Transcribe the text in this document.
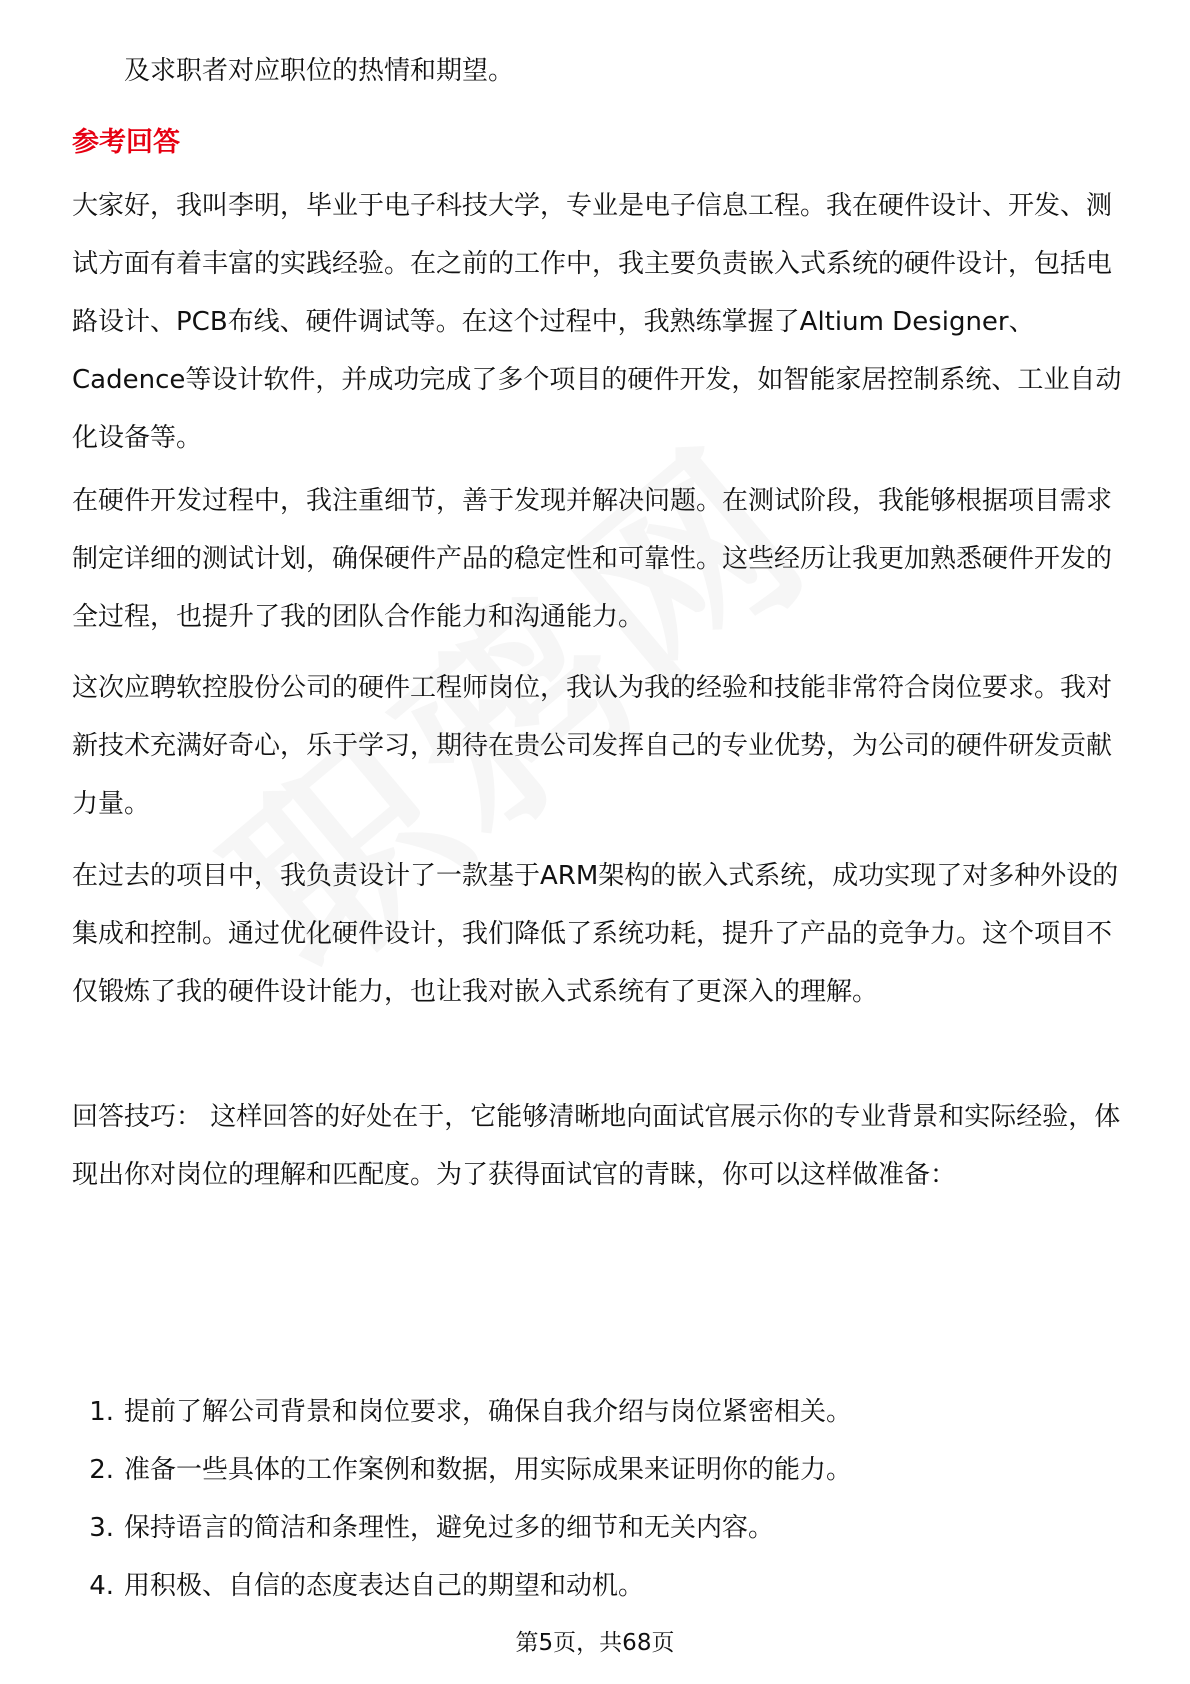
及求职者对应职位的热情和期望。
参考回答

大家好，我叫李明，毕业于电子科技大学，专业是电子信息工程。我在硬件设计、开发、测试方面有着丰富的实践经验。在之前的工作中，我主要负责嵌入式系统的硬件设计，包括电路设计、PCB布线、硬件调试等。在这个过程中，我熟练掌握了Altium Designer、Cadence等设计软件，并成功完成了多个项目的硬件开发，如智能家居控制系统、工业自动化设备等。

在硬件开发过程中，我注重细节，善于发现并解决问题。在测试阶段，我能够根据项目需求制定详细的测试计划，确保硬件产品的稳定性和可靠性。这些经历让我更加熟悉硬件开发的全过程，也提升了我的团队合作能力和沟通能力。

这次应聘软控股份公司的硬件工程师岗位，我认为我的经验和技能非常符合岗位要求。我对新技术充满好奇心，乐于学习，期待在贵公司发挥自己的专业优势，为公司的硬件研发贡献力量。

在过去的项目中，我负责设计了一款基于ARM架构的嵌入式系统，成功实现了对多种外设的集成和控制。通过优化硬件设计，我们降低了系统功耗，提升了产品的竞争力。这个项目不仅锻炼了我的硬件设计能力，也让我对嵌入式系统有了更深入的理解。

回答技巧： 这样回答的好处在于，它能够清晰地向面试官展示你的专业背景和实际经验，体现出你对岗位的理解和匹配度。为了获得面试官的青睐，你可以这样做准备：

1. 提前了解公司背景和岗位要求，确保自我介绍与岗位紧密相关。
2. 准备一些具体的工作案例和数据，用实际成果来证明你的能力。
3. 保持语言的简洁和条理性，避免过多的细节和无关内容。
4. 用积极、自信的态度表达自己的期望和动机。
第5页，共68页
